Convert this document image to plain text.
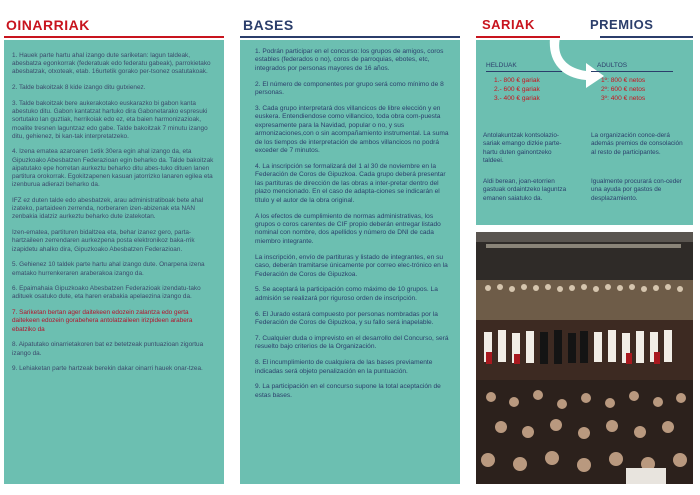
OINARRIAK

1. Hauek parte hartu ahal izango dute sariketan: lagun taldeak, abesbatza egonkorrak (federatuak edo federatu gabeak), parrokietako abesbatzak, otxoteak, etab. 16urtetik gorako per-tsonez osatutakoak.

2. Talde bakoitzak 8 kide izango ditu gutxienez.

3. Talde bakoitzak bere aukerakotako euskarazko bi gabon kanta abestuko ditu. Gabon kantatzat hartuko dira Gabonetarako espresuki sortutako lan guztiak, herrikoiak edo ez, eta baien harmonizazioak, moalite tresnen laguntzaz edo gabe. Talde bakoitzak 7 minutu izango ditu, gehienez, bi kan-tak interpretatzeko.

4. Izena ematea azaroaren 1etik 30era egin ahal izango da, eta Gipuzkoako Abesbatzen Federazioan egin beharko da. Talde bakoitzak aipatutako epe horretan aurkeztu beharko ditu abes-tuko dituen lanen partitura orokorrak. Egokitzapenen kasuan jatorrizko lanaren egilea eta izenburua adierazi beharko da.

IFZ ez duten talde edo abesbatzek, arau administratiboak bete ahal izateko, partaideen zerrenda, norberaren izen-abizenak eta NAN zenbakia idatziz aurkeztu beharko dute izatekotan.

Izen-ematea, partituren bidaltzea eta, behar izanez gero, parta-hartzaileen zerrendaren aurkezpena posta elektronikoz baka-rrik izapidetu ahalko dira, Gipuzkoako Abesbatzen Federazioan.

5. Gehienez 10 taldek parte hartu ahal izango dute. Onarpena izena ematako hurrenkeraren araberakoa izango da.

6. Epaimahaia Gipuzkoako Abesbatzen Federazioak izendatu-tako adituek osatuko dute, eta haren erabakia apelaezina izango da.

7. Sariketan bertan ager daitekeen edozein zalantza edo gerta daitekeen edozein gorabehera antolatzaileen irizpideen arabera ebatziko da

8. Aipatutako oinarrietakoren bat ez betetzeak puntuazioan zigortua izango da.

9. Lehiaketan parte hartzeak berekin dakar oinarri hauek onar-tzea.

BASES

1. Podrán participar en el concurso: los grupos de amigos, coros estables (federados o no), coros de parroquias, ebotes, etc, integrados por personas mayores de 16 años.

2. El número de componentes por grupo será como mínimo de 8 personas.

3. Cada grupo interpretará dos villancicos de libre elección y en euskera. Entendiendose como villancico, toda obra com-puesta expresamente para la Navidad, popular o no, y sus armonizaciones,con o sin acompañamiento instrumental. La suma de los tiempos de interpretación de ambos villancicos no podrá exceder de 7 minutos.

4. La inscripción se formalizará del 1 al 30 de noviembre en la Federación de Coros de Gipuzkoa. Cada grupo deberá presentar las partituras de dirección de las obras a inter-pretar dentro del plazo mencionado. En el caso de adapta-ciones se indicarán el título y el autor de la obra original.

A los efectos de cumplimiento de normas administrativas, los grupos o coros carentes de CIF propio deberán entregar listado nominal con nombre, dos apellidos y número de DNI de cada miembro integrante.

La inscripción, envío de partituras y listado de integrantes, en su caso, deberán tramitarse únicamente por correo elec-trónico en la Federación de Coros de Gipuzkoa.

5. Se aceptará la participación como máximo de 10 grupos. La admisión se realizará por riguroso orden de inscripción.

6. El Jurado estará compuesto por personas nombradas por la Federación de Coros de Gipuzkoa, y su fallo será inapelable.

7. Cualquier duda o imprevisto en el desarrollo del Concurso, será resuelto bajo criterios de la Organización.

8. El incumplimiento de cualquiera de las bases previamente indicadas será objeto penalización en la puntuación.

9. La participación en el concurso supone la total aceptación de estas bases.

SARIAK	PREMIOS
HELDUAK
1.- 800 € gariak
2.- 600 € gariak
3.- 400 € gariak
ADULTOS
1º: 800 € netos
2º: 600 € netos
3º: 400 € netos
Antolakuntzak kontsolazio-sariak emango dizkie parte-hartu duten gainontzeko taldeei.
Aldi berean, joan-etorrien gastuak ordaintzeko laguntza emanen saiatuko da.
La organización conce-derá además premios de consolación al resto de participantes.
Igualmente procurará con-ceder una ayuda por gastos de desplazamiento.
